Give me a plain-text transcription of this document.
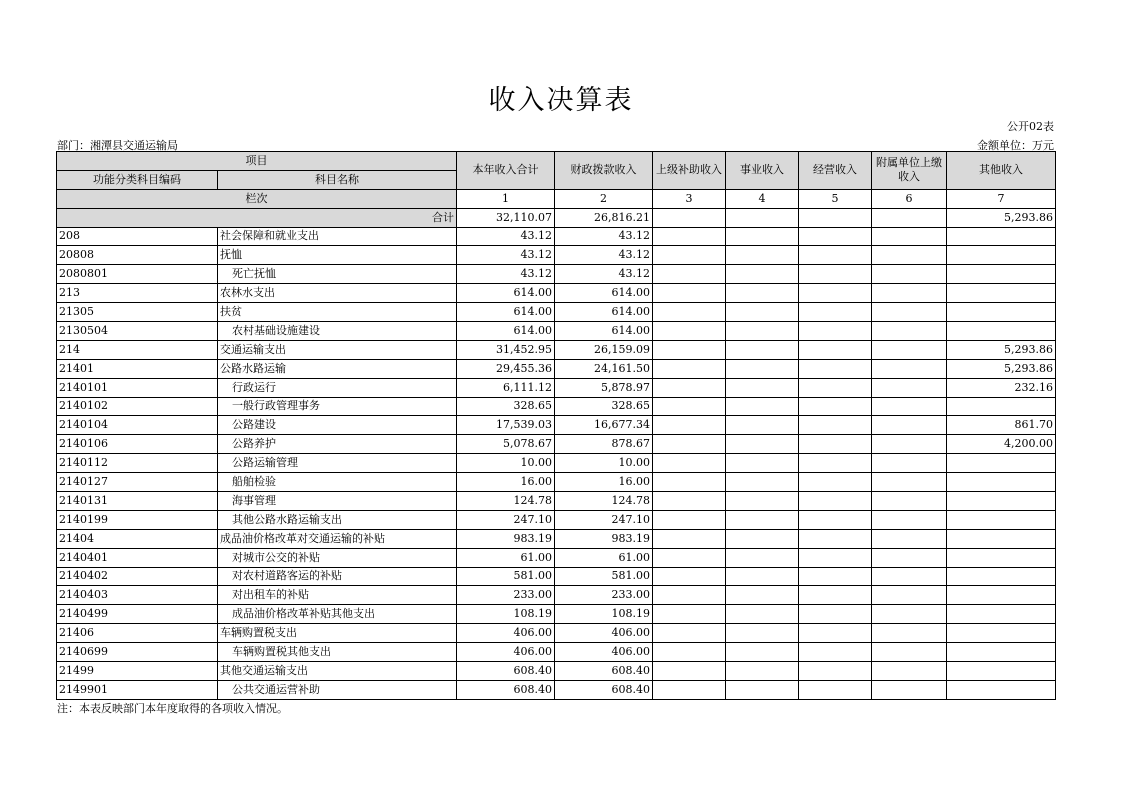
收入决算表
公开02表
部门：湘潭县交通运输局	金额单位：万元
项目		本年收入合计	财政拨款收入	上级补助收入	事业收入	经营收入	附属单位上缴收入	其他收入
功能分类科目编码	科目名称							
栏次		1	2	3	4	5	6	7
合计		32,110.07	26,816.21					5,293.86
208	社会保障和就业支出	43.12	43.12					
20808	抚恤	43.12	43.12					
2080801	死亡抚恤	43.12	43.12					
213	农林水支出	614.00	614.00					
21305	扶贫	614.00	614.00					
2130504	农村基础设施建设	614.00	614.00					
214	交通运输支出	31,452.95	26,159.09					5,293.86
21401	公路水路运输	29,455.36	24,161.50					5,293.86
2140101	行政运行	6,111.12	5,878.97					232.16
2140102	一般行政管理事务	328.65	328.65					
2140104	公路建设	17,539.03	16,677.34					861.70
2140106	公路养护	5,078.67	878.67					4,200.00
2140112	公路运输管理	10.00	10.00					
2140127	船舶检验	16.00	16.00					
2140131	海事管理	124.78	124.78					
2140199	其他公路水路运输支出	247.10	247.10					
21404	成品油价格改革对交通运输的补贴	983.19	983.19					
2140401	对城市公交的补贴	61.00	61.00					
2140402	对农村道路客运的补贴	581.00	581.00					
2140403	对出租车的补贴	233.00	233.00					
2140499	成品油价格改革补贴其他支出	108.19	108.19					
21406	车辆购置税支出	406.00	406.00					
2140699	车辆购置税其他支出	406.00	406.00					
21499	其他交通运输支出	608.40	608.40					
2149901	公共交通运营补助	608.40	608.40					
注：本表反映部门本年度取得的各项收入情况。
